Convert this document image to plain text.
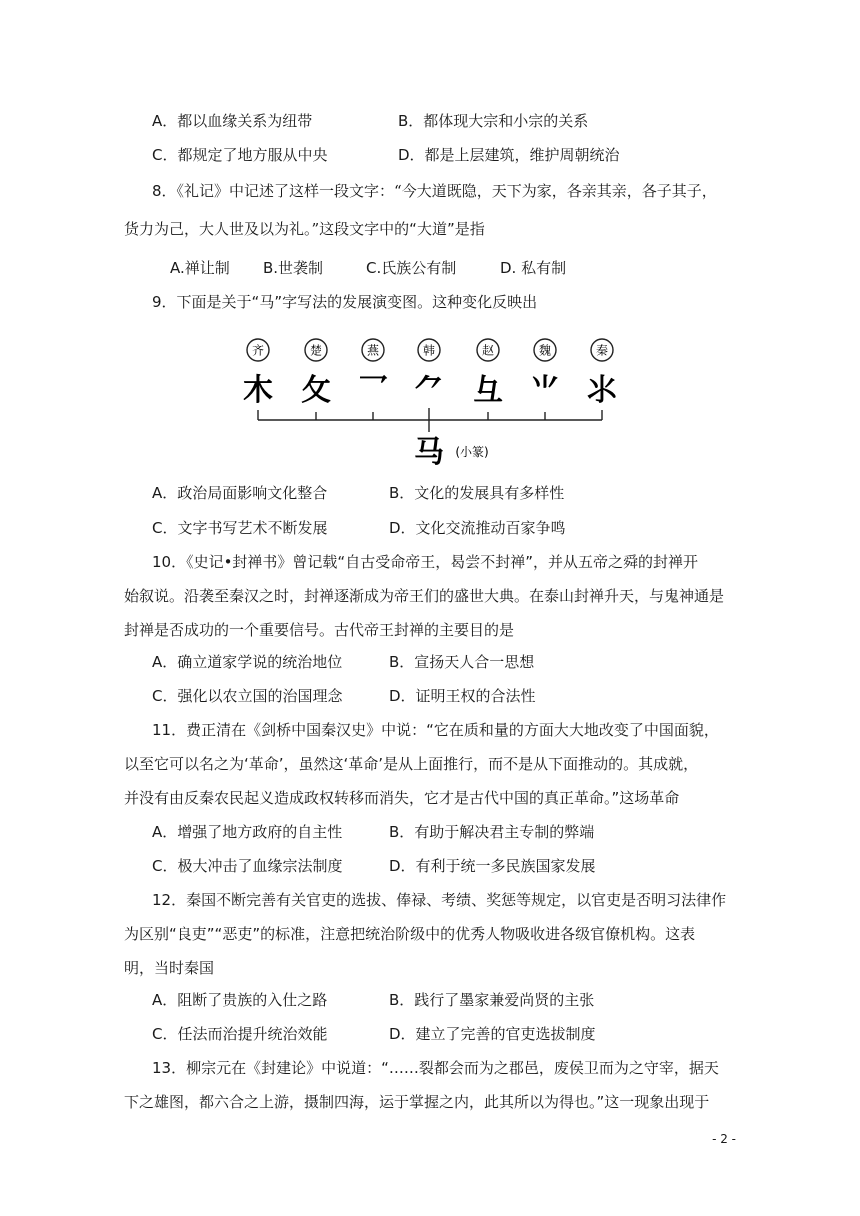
A．都以血缘关系为纽带	B．都体现大宗和小宗的关系
C．都规定了地方服从中央	D．都是上层建筑，维护周朝统治
8．《礼记》中记述了这样一段文字：“今大道既隐，天下为家，各亲其亲，各子其子，
货力为己，大人世及以为礼。”这段文字中的“大道”是指
A.禅让制 B.世袭制	C.氏族公有制	D. 私有制
9．下面是关于“马”字写法的发展演变图。这种变化反映出
齐	楚	燕	韩	赵	魏	秦
⽊ ⺙ ⺂ ⺈ ⺔ ⺌ ⺢
⻢ (小篆)
A．政治局面影响文化整合	B．文化的发展具有多样性
C．文字书写艺术不断发展	D．文化交流推动百家争鸣
10．《史记•封禅书》曾记载“自古受命帝王，曷尝不封禅”，并从五帝之舜的封禅开
始叙说。沿袭至秦汉之时，封禅逐渐成为帝王们的盛世大典。在泰山封禅升天，与鬼神通是
封禅是否成功的一个重要信号。古代帝王封禅的主要目的是
A．确立道家学说的统治地位	B．宣扬天人合一思想
C．强化以农立国的治国理念	D．证明王权的合法性
11．费正清在《剑桥中国秦汉史》中说：“它在质和量的方面大大地改变了中国面貌，
以至它可以名之为‘革命’，虽然这‘革命’是从上面推行，而不是从下面推动的。其成就，
并没有由反秦农民起义造成政权转移而消失，它才是古代中国的真正革命。”这场革命
A．增强了地方政府的自主性	B．有助于解决君主专制的弊端
C．极大冲击了血缘宗法制度	D．有利于统一多民族国家发展
12．秦国不断完善有关官吏的选拔、俸禄、考绩、奖惩等规定，以官吏是否明习法律作
为区别“良吏”“恶吏”的标准，注意把统治阶级中的优秀人物吸收进各级官僚机构。这表
明，当时秦国
A．阻断了贵族的入仕之路	B．践行了墨家兼爱尚贤的主张
C．任法而治提升统治效能	D．建立了完善的官吏选拔制度
13．柳宗元在《封建论》中说道：“……裂都会而为之郡邑，废侯卫而为之守宰，据天
下之雄图，都六合之上游，摄制四海，运于掌握之内，此其所以为得也。”这一现象出现于
- 2 -
